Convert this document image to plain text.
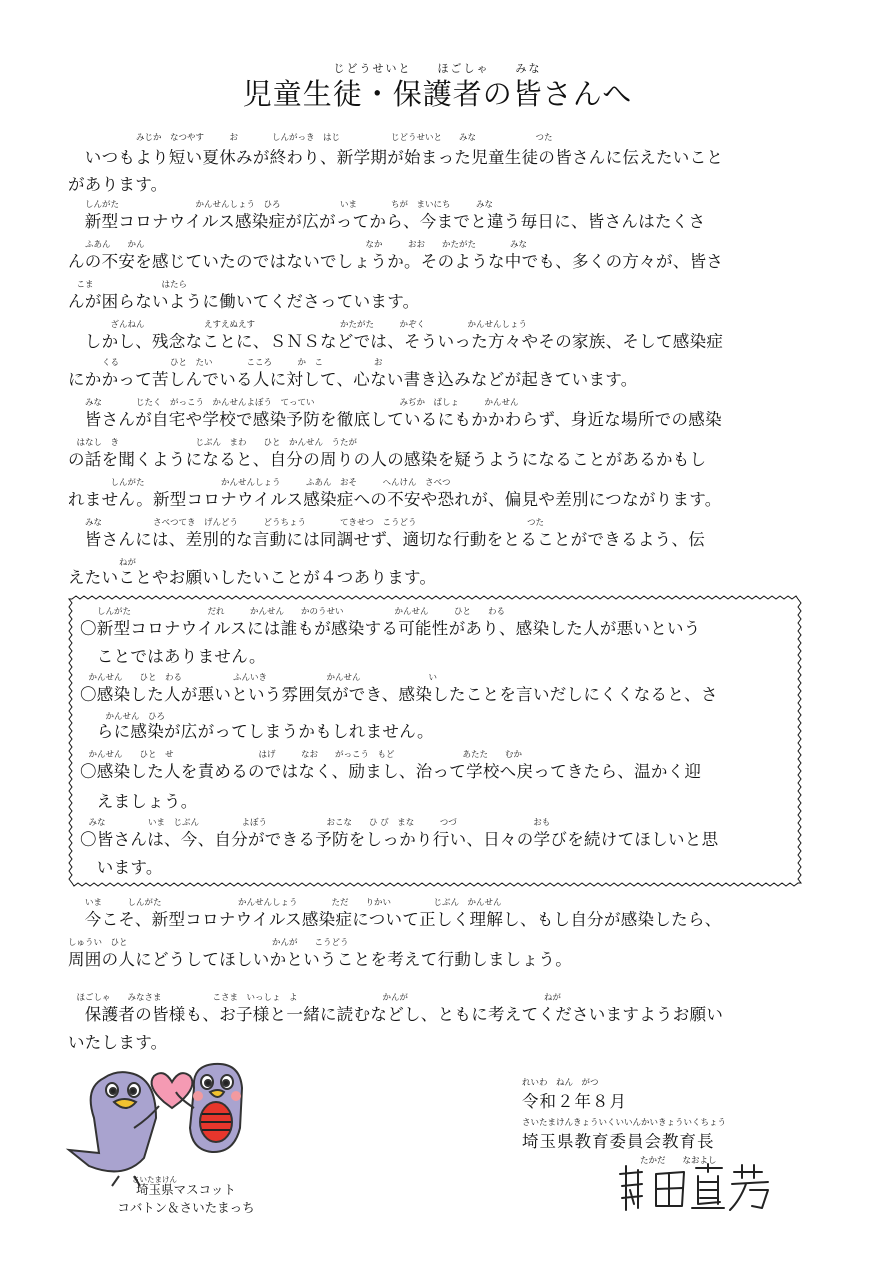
じどうせいと　　ほごしゃ　　みな
児童生徒・保護者の皆さんへ
　　　　　　　　みじか　なつやす　　　お　　　　しんがっき　はじ　　　　　　じどうせいと　　みな　　　　　　　つた
　いつもより短い夏休みが終わり、新学期が始まった児童生徒の皆さんに伝えたいこと
があります。
　　しんがた　　　　　　　　　かんせんしょう　ひろ　　　　　　　いま　　　　ちが　まいにち　　　みな
　新型コロナウイルス感染症が広がってから、今までと違う毎日に、皆さんはたくさ
　　ふあん　　かん　　　　　　　　　　　　　　　　　　　　　　　　　　なか　　　おお　　かたがた　　　　みな
んの不安を感じていたのではないでしょうか。そのような中でも、多くの方々が、皆さ
　こま　　　　　　　　はたら
んが困らないように働いてくださっています。
　　　　　ざんねん　　　　　　　えすえぬえす　　　　　　　　　　かたがた　　　かぞく　　　　　かんせんしょう
　しかし、残念なことに、ＳＮＳなどでは、そういった方々やその家族、そして感染症
　　　　くる　　　　　　ひと　たい　　　　こころ　　　か　こ　　　　　　お
にかかって苦しんでいる人に対して、心ない書き込みなどが起きています。
　　みな　　　　じたく　がっこう　かんせんよぼう　てってい　　　　　　　　　　みぢか　ばしょ　　　かんせん
　皆さんが自宅や学校で感染予防を徹底しているにもかかわらず、身近な場所での感染
　はなし　き　　　　　　　　　じぶん　まわ　　ひと　かんせん　うたが
の話を聞くようになると、自分の周りの人の感染を疑うようになることがあるかもし
　　　　　しんがた　　　　　　　　　かんせんしょう　　　ふあん　おそ　　　へんけん　さべつ
れません。新型コロナウイルス感染症への不安や恐れが、偏見や差別につながります。
　　みな　　　　　　さべつてき　げんどう　　　どうちょう　　　　てきせつ　こうどう　　　　　　　　　　　　　つた
　皆さんには、差別的な言動には同調せず、適切な行動をとることができるよう、伝
　　　　　　ねが
えたいことやお願いしたいことが４つあります。
　　しんがた　　　　　　　　　だれ　　　かんせん　　かのうせい　　　　　　かんせん　　　ひと　　わる
〇新型コロナウイルスには誰もが感染する可能性があり、感染した人が悪いという
　ことではありません。
　かんせん　　ひと　わる　　　　　　ふんいき　　　　　　　かんせん　　　　　　　　い
〇感染した人が悪いという雰囲気ができ、感染したことを言いだしにくくなると、さ
　　　かんせん　ひろ
　らに感染が広がってしまうかもしれません。
　かんせん　　ひと　せ　　　　　　　　　　はげ　　　なお　　がっこう　もど　　　　　　　　あたた　　むか
〇感染した人を責めるのではなく、励まし、治って学校へ戻ってきたら、温かく迎
　えましょう。
　みな　　　　　いま　じぶん　　　　　よぼう　　　　　　　おこな　　ひ び　まな　　　つづ　　　　　　　　　おも
〇皆さんは、今、自分ができる予防をしっかり行い、日々の学びを続けてほしいと思
　います。
　　いま　　　しんがた　　　　　　　　　かんせんしょう　　　　ただ　　りかい　　　　　じぶん　かんせん
　今こそ、新型コロナウイルス感染症について正しく理解し、もし自分が感染したら、
しゅうい　ひと　　　　　　　　　　　　　　　　　かんが　　こうどう
周囲の人にどうしてほしいかということを考えて行動しましょう。
　ほごしゃ　　みなさま　　　　　　こさま　いっしょ　よ　　　　　　　　　　かんが　　　　　　　　　　　　　　　　ねが
　保護者の皆様も、お子様と一緒に読むなどし、ともに考えてくださいますようお願い
いたします。
れいわ　ねん　がつ
令和２年８月
さいたまけんきょういくいいんかいきょういくちょう
埼玉県教育委員会教育長
たかだ　　なおよし
さいたまけん
埼玉県マスコット
コバトン＆さいたまっち
